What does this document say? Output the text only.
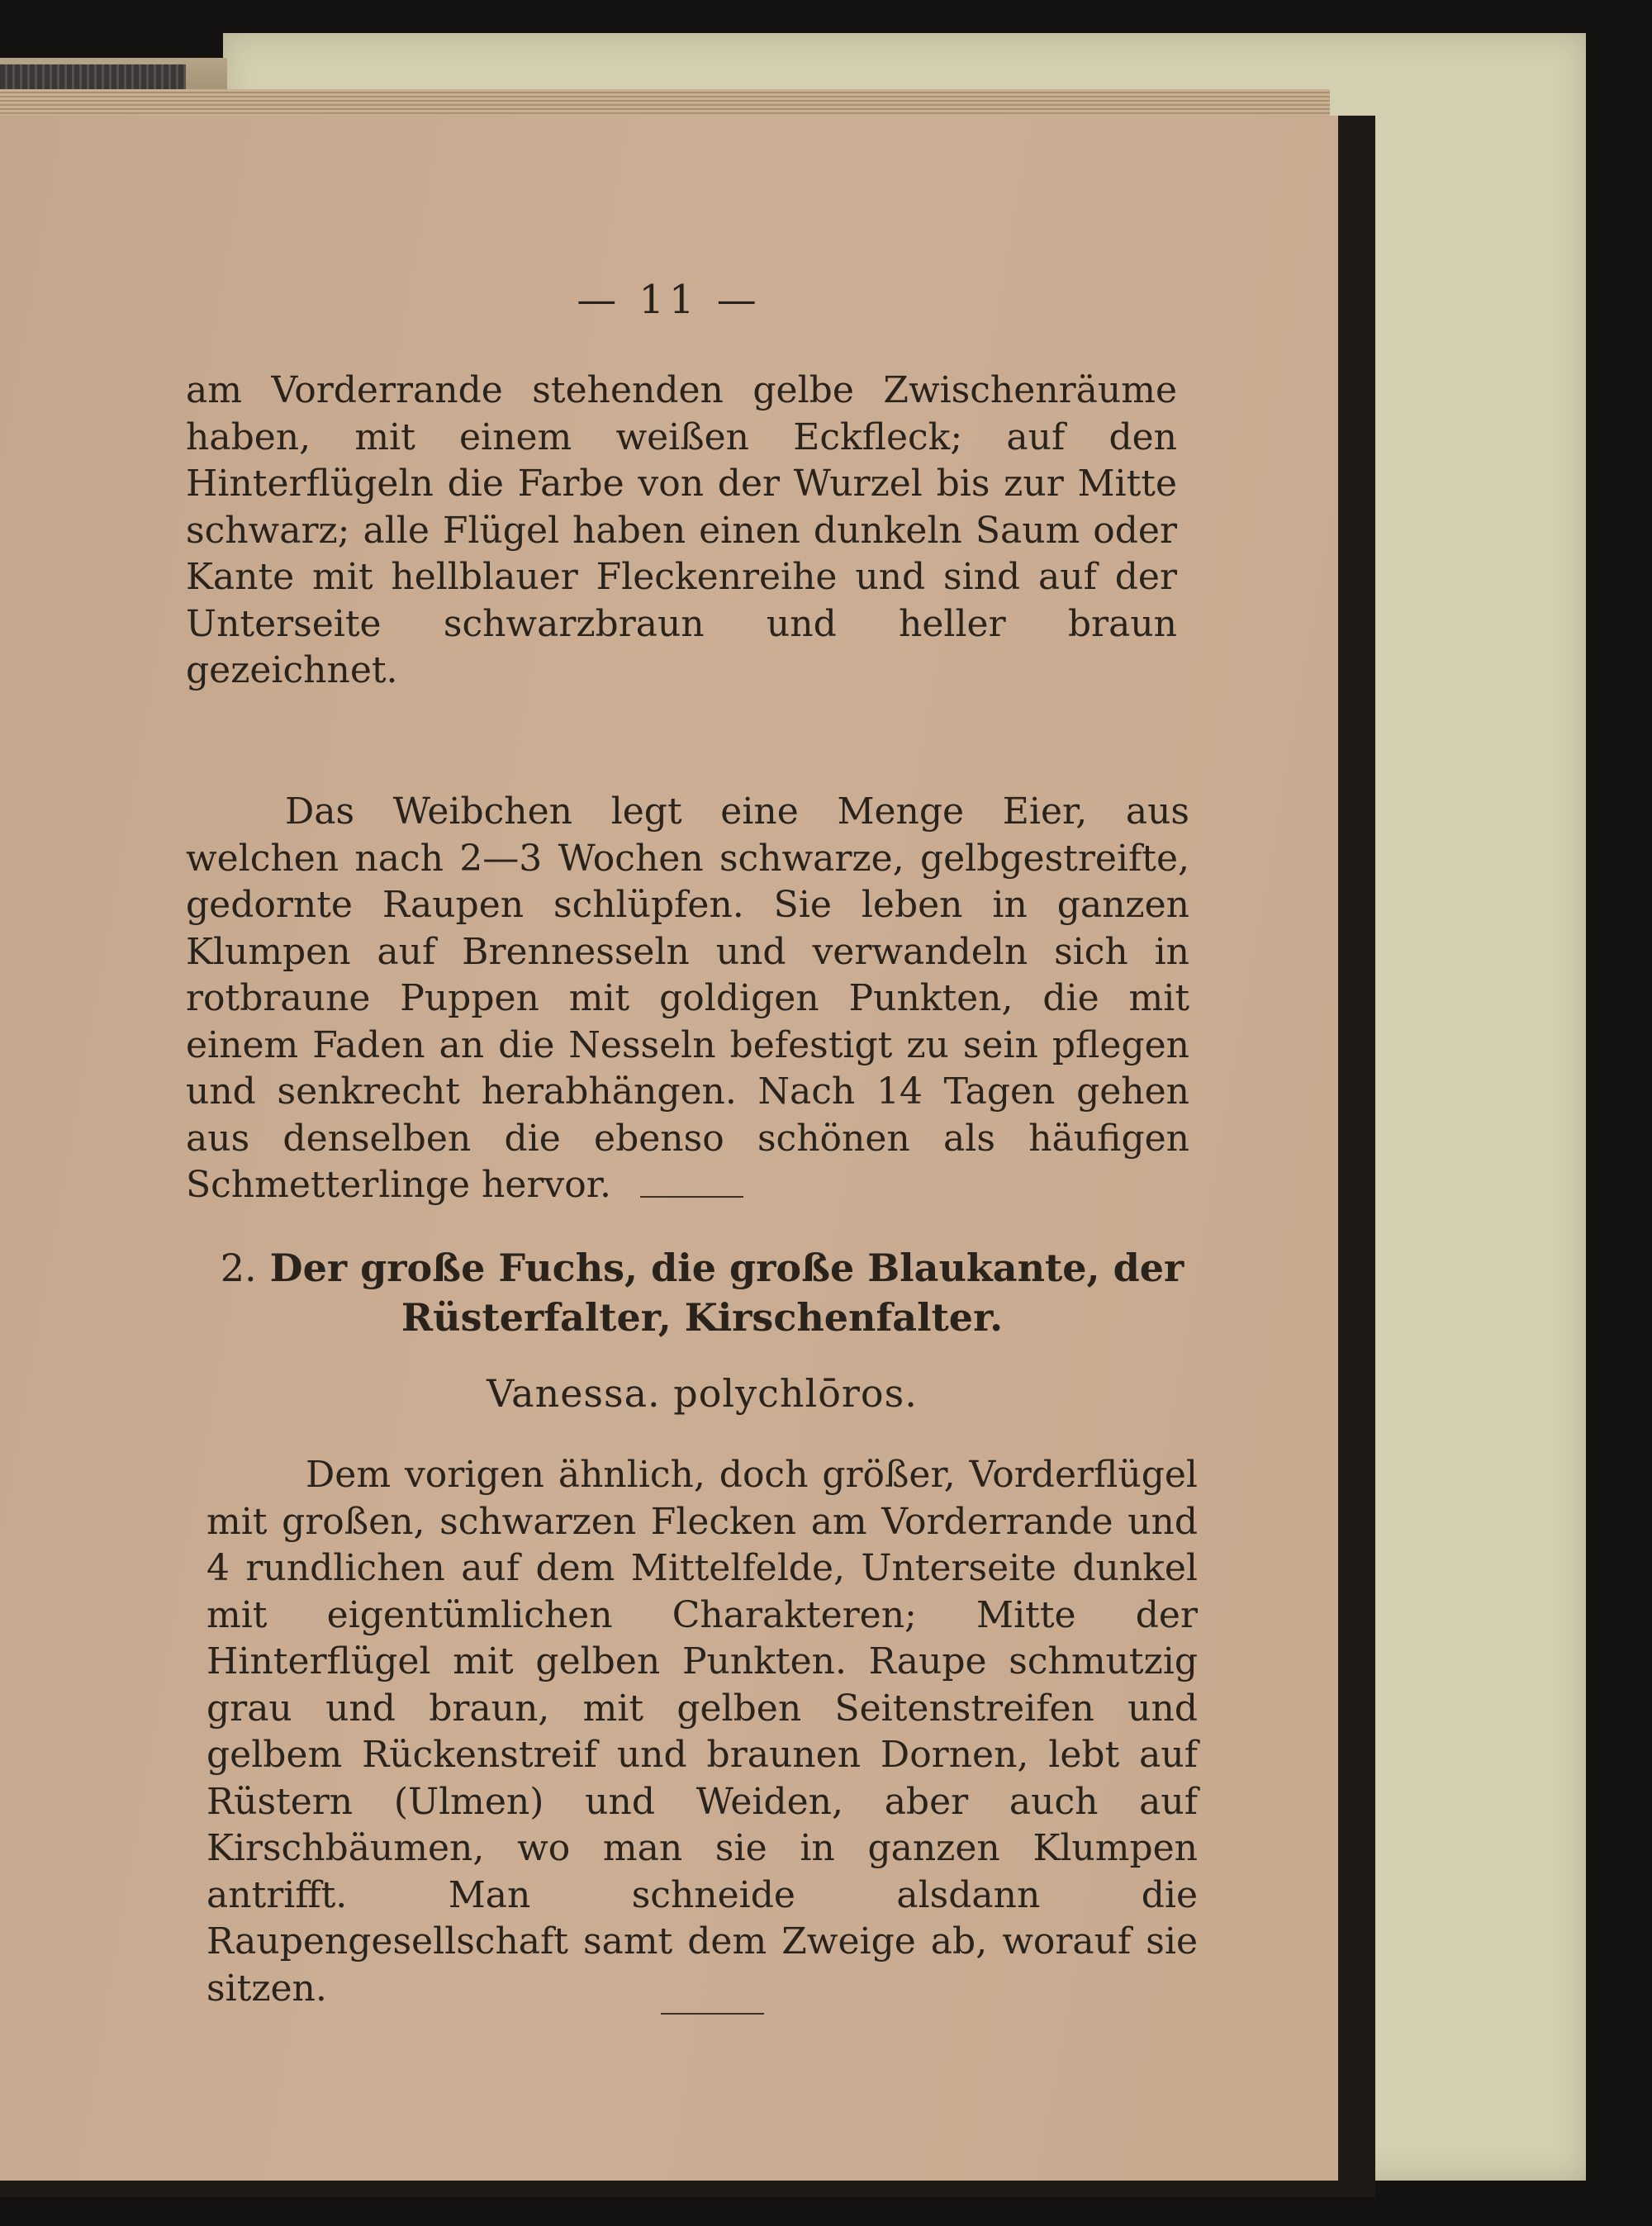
— 11 —

am Vorderrande stehenden gelbe Zwischenräume haben, mit einem weißen Eckfleck; auf den Hinterflügeln die Farbe von der Wurzel bis zur Mitte schwarz; alle Flügel haben einen dunkeln Saum oder Kante mit hellblauer Fleckenreihe und sind auf der Unterseite schwarzbraun und heller braun gezeichnet.

Das Weibchen legt eine Menge Eier, aus welchen nach 2—3 Wochen schwarze, gelbgestreifte, gedornte Raupen schlüpfen. Sie leben in ganzen Klumpen auf Brennesseln und verwandeln sich in rotbraune Puppen mit goldigen Punkten, die mit einem Faden an die Nesseln befestigt zu sein pflegen und senkrecht herabhängen. Nach 14 Tagen gehen aus denselben die ebenso schönen als häufigen Schmetterlinge hervor.

2. Der große Fuchs, die große Blaukante, der Rüsterfalter, Kirschenfalter.

Vanessa. polychlōros.

Dem vorigen ähnlich, doch größer, Vorderflügel mit großen, schwarzen Flecken am Vorderrande und 4 rundlichen auf dem Mittelfelde, Unterseite dunkel mit eigentümlichen Charakteren; Mitte der Hinterflügel mit gelben Punkten. Raupe schmutzig grau und braun, mit gelben Seitenstreifen und gelbem Rückenstreif und braunen Dornen, lebt auf Rüstern (Ulmen) und Weiden, aber auch auf Kirschbäumen, wo man sie in ganzen Klumpen antrifft. Man schneide alsdann die Raupengesellschaft samt dem Zweige ab, worauf sie sitzen.
